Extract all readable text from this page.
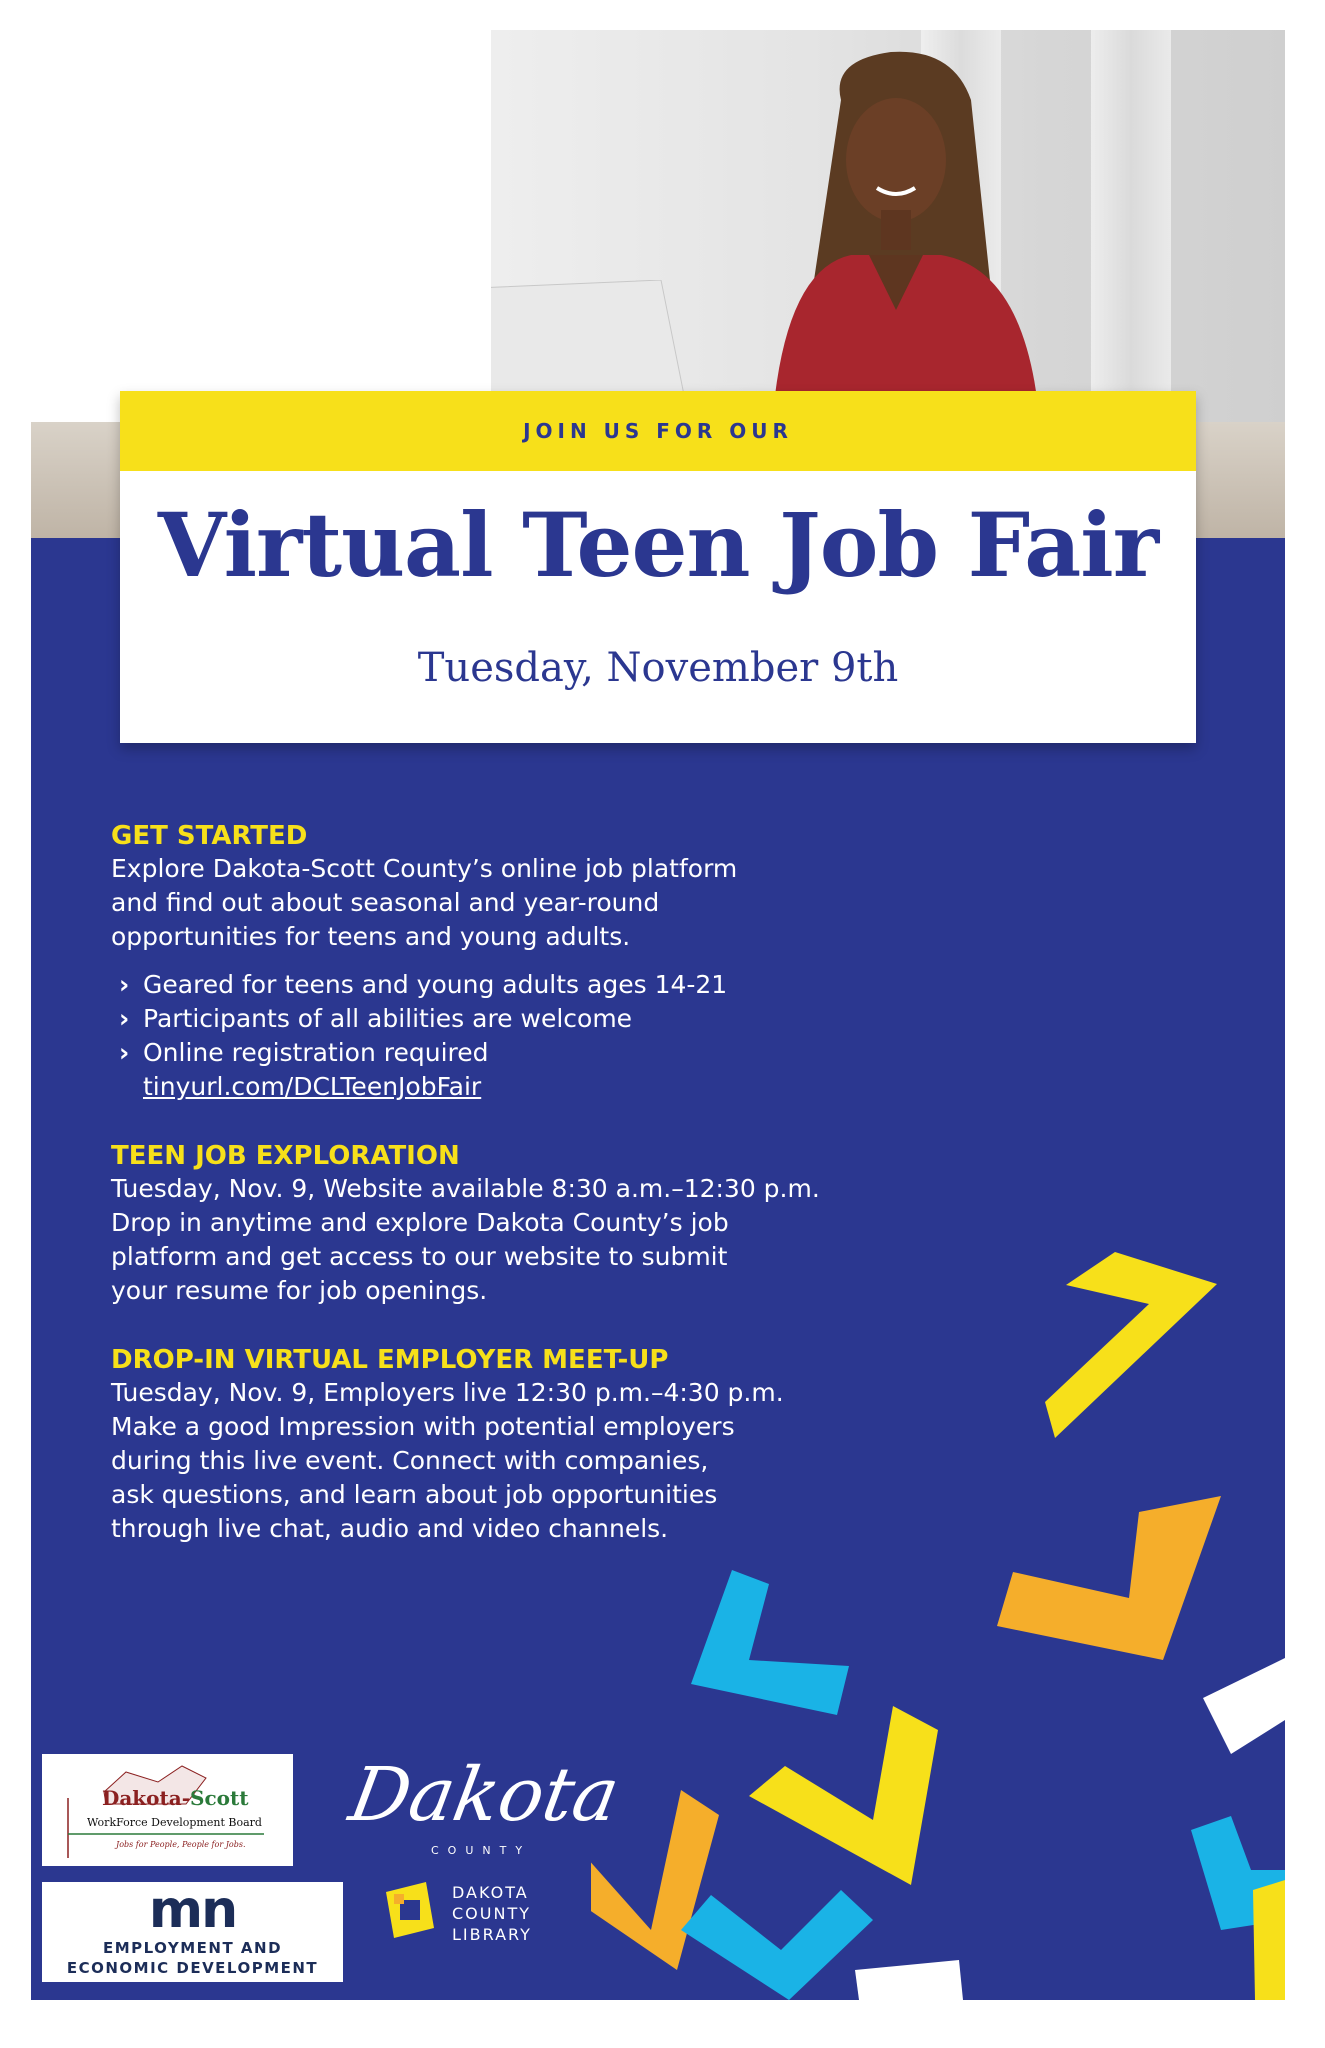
JOIN US FOR OUR
Virtual Teen Job Fair
Tuesday, November 9th

GET STARTED

Explore Dakota-Scott County’s online job platform

and find out about seasonal and year-round

opportunities for teens and young adults.

› Geared for teens and young adults ages 14-21
› Participants of all abilities are welcome
› Online registration required
tinyurl.com/DCLTeenJobFair

TEEN JOB EXPLORATION

Tuesday, Nov. 9, Website available 8:30 a.m.–12:30 p.m.

Drop in anytime and explore Dakota County’s job

platform and get access to our website to submit

your resume for job openings.

DROP-IN VIRTUAL EMPLOYER MEET-UP

Tuesday, Nov. 9, Employers live 12:30 p.m.–4:30 p.m.

Make a good Impression with potential employers

during this live event. Connect with companies,

ask questions, and learn about job opportunities

through live chat, audio and video channels.

Dakota-Scott
WorkForce Development Board
Jobs for People, People for Jobs.
Dakota
COUNTY
mn
EMPLOYMENT AND
ECONOMIC DEVELOPMENT
DAKOTA
COUNTY
LIBRARY
